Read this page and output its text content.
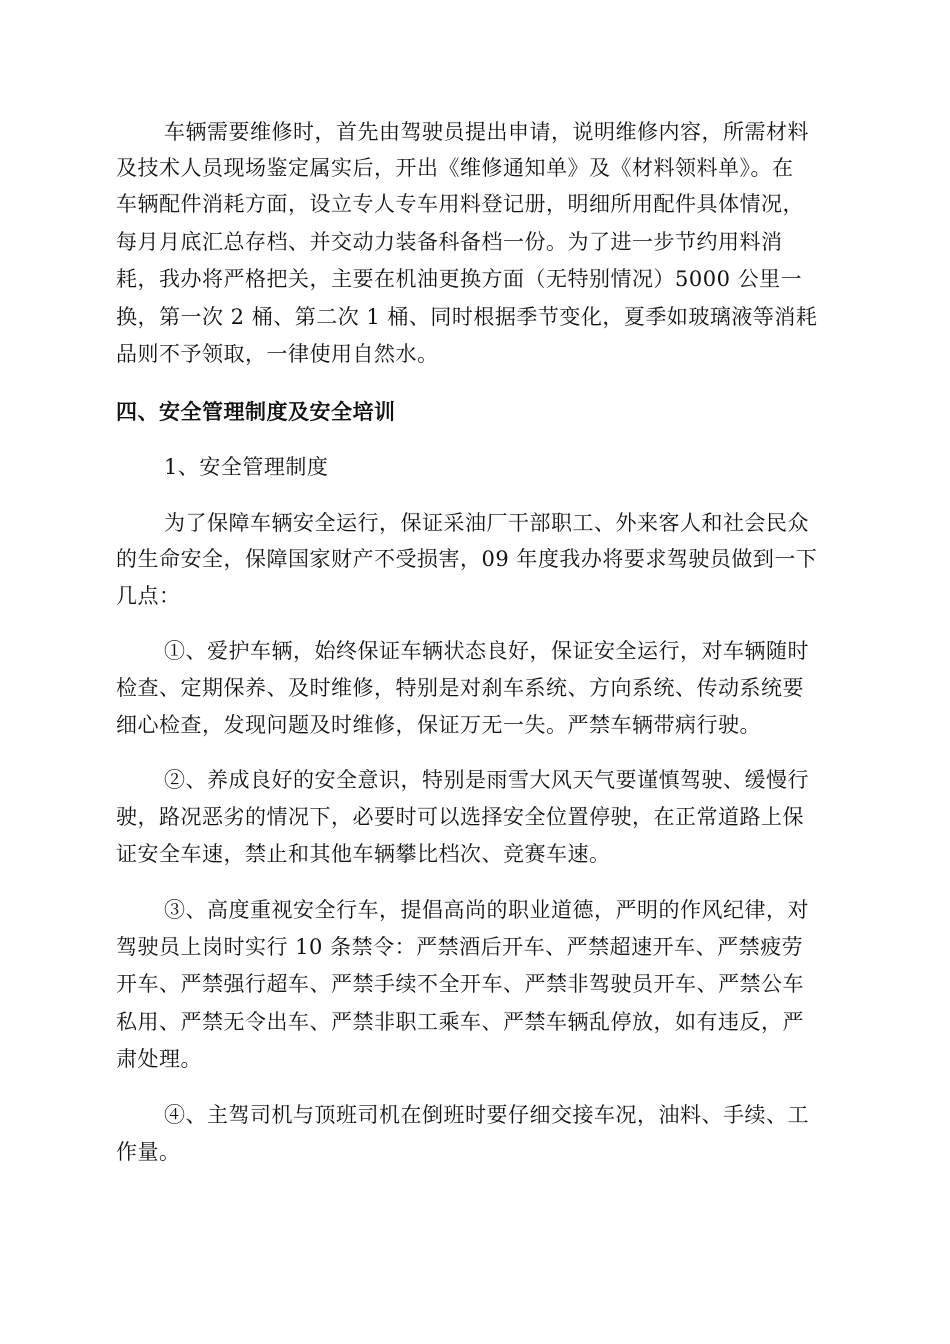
车辆需要维修时，首先由驾驶员提出申请，说明维修内容，所需材料
及技术人员现场鉴定属实后，开出《维修通知单》及《材料领料单》。在
车辆配件消耗方面，设立专人专车用料登记册，明细所用配件具体情况，
每月月底汇总存档、并交动力装备科备档一份。为了进一步节约用料消
耗，我办将严格把关，主要在机油更换方面（无特别情况）5000 公里一
换，第一次 2 桶、第二次 1 桶、同时根据季节变化，夏季如玻璃液等消耗
品则不予领取，一律使用自然水。
四、安全管理制度及安全培训
1、安全管理制度
为了保障车辆安全运行，保证采油厂干部职工、外来客人和社会民众
的生命安全，保障国家财产不受损害，09 年度我办将要求驾驶员做到一下
几点：
①、爱护车辆，始终保证车辆状态良好，保证安全运行，对车辆随时
检查、定期保养、及时维修，特别是对刹车系统、方向系统、传动系统要
细心检查，发现问题及时维修，保证万无一失。严禁车辆带病行驶。
②、养成良好的安全意识，特别是雨雪大风天气要谨慎驾驶、缓慢行
驶，路况恶劣的情况下，必要时可以选择安全位置停驶，在正常道路上保
证安全车速，禁止和其他车辆攀比档次、竞赛车速。
③、高度重视安全行车，提倡高尚的职业道德，严明的作风纪律，对
驾驶员上岗时实行 10 条禁令：严禁酒后开车、严禁超速开车、严禁疲劳
开车、严禁强行超车、严禁手续不全开车、严禁非驾驶员开车、严禁公车
私用、严禁无令出车、严禁非职工乘车、严禁车辆乱停放，如有违反，严
肃处理。
④、主驾司机与顶班司机在倒班时要仔细交接车况，油料、手续、工
作量。
